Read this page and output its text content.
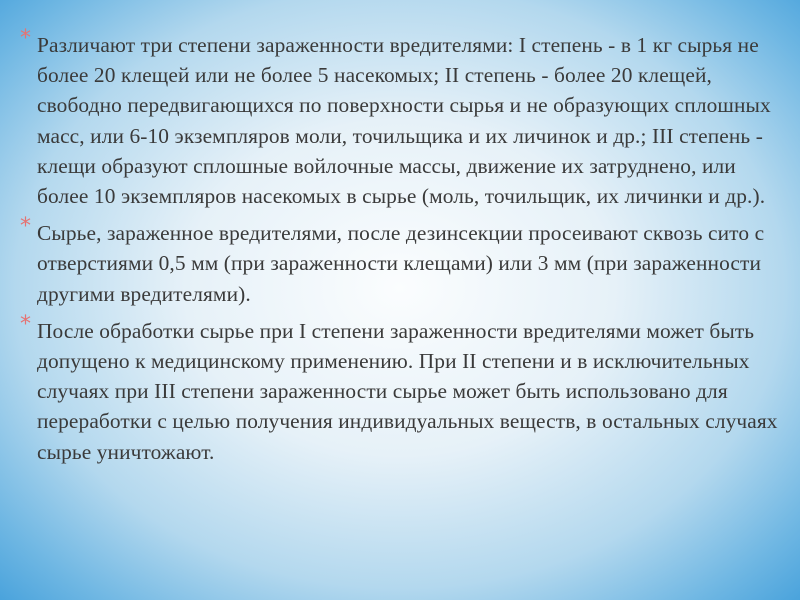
* Различают три степени зараженности вредителями: I степень - в 1 кг сырья не более 20 клещей или не более 5 насекомых; II степень - более 20 клещей, свободно передвигающихся по поверхности сырья и не образующих сплошных масс, или 6-10 экземпляров моли, точильщика и их личинок и др.; III степень - клещи образуют сплошные войлочные массы, движение их затруднено, или более 10 экземпляров насекомых в сырье (моль, точильщик, их личинки и др.).
* Сырье, зараженное вредителями, после дезинсекции просеивают сквозь сито с отверстиями 0,5 мм (при зараженности клещами) или 3 мм (при зараженности другими вредителями).
* После обработки сырье при I степени зараженности вредителями может быть допущено к медицинскому применению. При II степени и в исключительных случаях при III степени зараженности сырье может быть использовано для переработки с целью получения индивидуальных веществ, в остальных случаях сырье уничтожают.
